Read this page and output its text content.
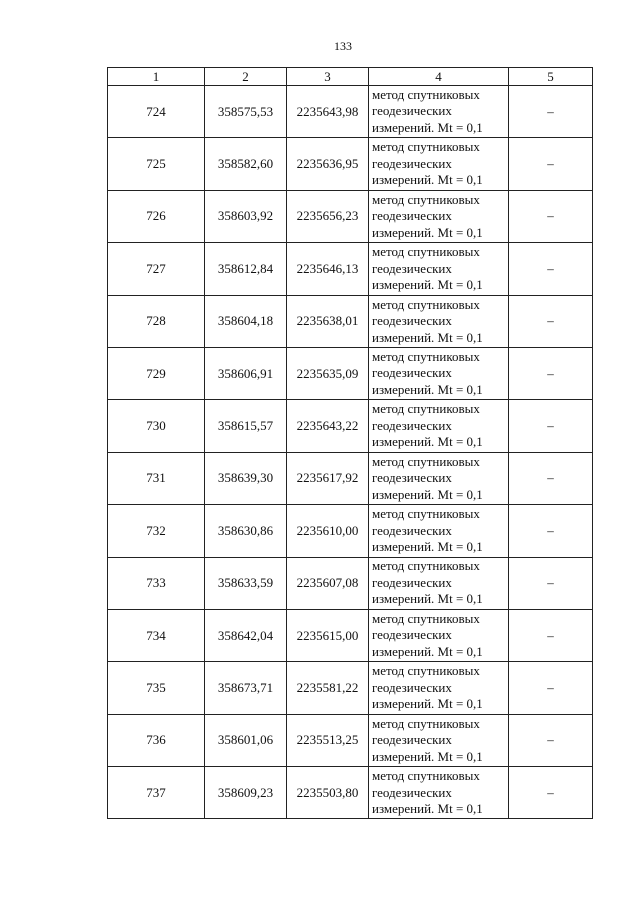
133
1	2	3	4	5
724	358575,53	2235643,98	метод спутниковых
геодезических
измерений. Mt = 0,1	–
725	358582,60	2235636,95	метод спутниковых
геодезических
измерений. Mt = 0,1	–
726	358603,92	2235656,23	метод спутниковых
геодезических
измерений. Mt = 0,1	–
727	358612,84	2235646,13	метод спутниковых
геодезических
измерений. Mt = 0,1	–
728	358604,18	2235638,01	метод спутниковых
геодезических
измерений. Mt = 0,1	–
729	358606,91	2235635,09	метод спутниковых
геодезических
измерений. Mt = 0,1	–
730	358615,57	2235643,22	метод спутниковых
геодезических
измерений. Mt = 0,1	–
731	358639,30	2235617,92	метод спутниковых
геодезических
измерений. Mt = 0,1	–
732	358630,86	2235610,00	метод спутниковых
геодезических
измерений. Mt = 0,1	–
733	358633,59	2235607,08	метод спутниковых
геодезических
измерений. Mt = 0,1	–
734	358642,04	2235615,00	метод спутниковых
геодезических
измерений. Mt = 0,1	–
735	358673,71	2235581,22	метод спутниковых
геодезических
измерений. Mt = 0,1	–
736	358601,06	2235513,25	метод спутниковых
геодезических
измерений. Mt = 0,1	–
737	358609,23	2235503,80	метод спутниковых
геодезических
измерений. Mt = 0,1	–
